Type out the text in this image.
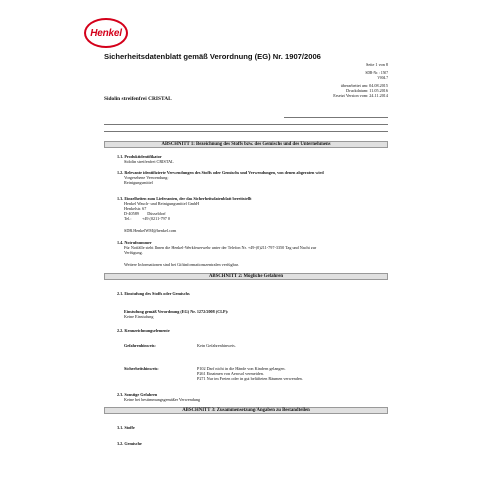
Henkel
Sicherheitsdatenblatt gemäß Verordnung (EG) Nr. 1907/2006
Seite 1 von 8
SDB-Nr. : 1507
V004.7
überarbeitet am: 04.08.2015
Druckdatum: 11.05.2016
Ersetzt Version vom: 24.11.2014
Sidolin streifenfrei CRISTAL
ABSCHNITT 1: Bezeichnung des Stoffs bzw. des Gemischs und des Unternehmens
1.1. Produktidentifikator
Sidolin streifenfrei CRISTAL
1.2. Relevante identifizierte Verwendungen des Stoffs oder Gemischs und Verwendungen, von denen abgeraten wird
Vorgesehene Verwendung:
Reinigungsmittel
1.3. Einzelheiten zum Lieferanten, der das Sicherheitsdatenblatt bereitstellt
Henkel Wasch- und Reinigungsmittel GmbH
Henkelstr. 67
D-40589        Düsseldorf
Tel.:          +49 (0211-797 0
SDB.HenkelWM@henkel.com
1.4. Notrufnummer
Für Notfälle steht Ihnen die Henkel-Werkfeuerwehr unter der Telefon Nr. +49-(0)211-797-3350 Tag und Nacht zur
Verfügung.
Weitere Informationen sind bei Giftinformationszentralen verfügbar.
ABSCHNITT 2: Mögliche Gefahren
2.1. Einstufung des Stoffs oder Gemischs
Einstufung gemäß Verordnung (EG) Nr. 1272/2008 (CLP):
Keine Einstufung
2.2. Kennzeichnungselemente
Gefahrenhinweis:	Kein Gefahrenhinweis.
Sicherheitshinweis:	P102 Darf nicht in die Hände von Kindern gelangen.
P261 Einatmen von Aerosol vermeiden.
P271 Nur im Freien oder in gut belüfteten Räumen verwenden.
2.3. Sonstige Gefahren
Keine bei bestimmungsgemäßer Verwendung
ABSCHNITT 3: Zusammensetzung/Angaben zu Bestandteilen
3.1. Stoffe
3.2. Gemische
